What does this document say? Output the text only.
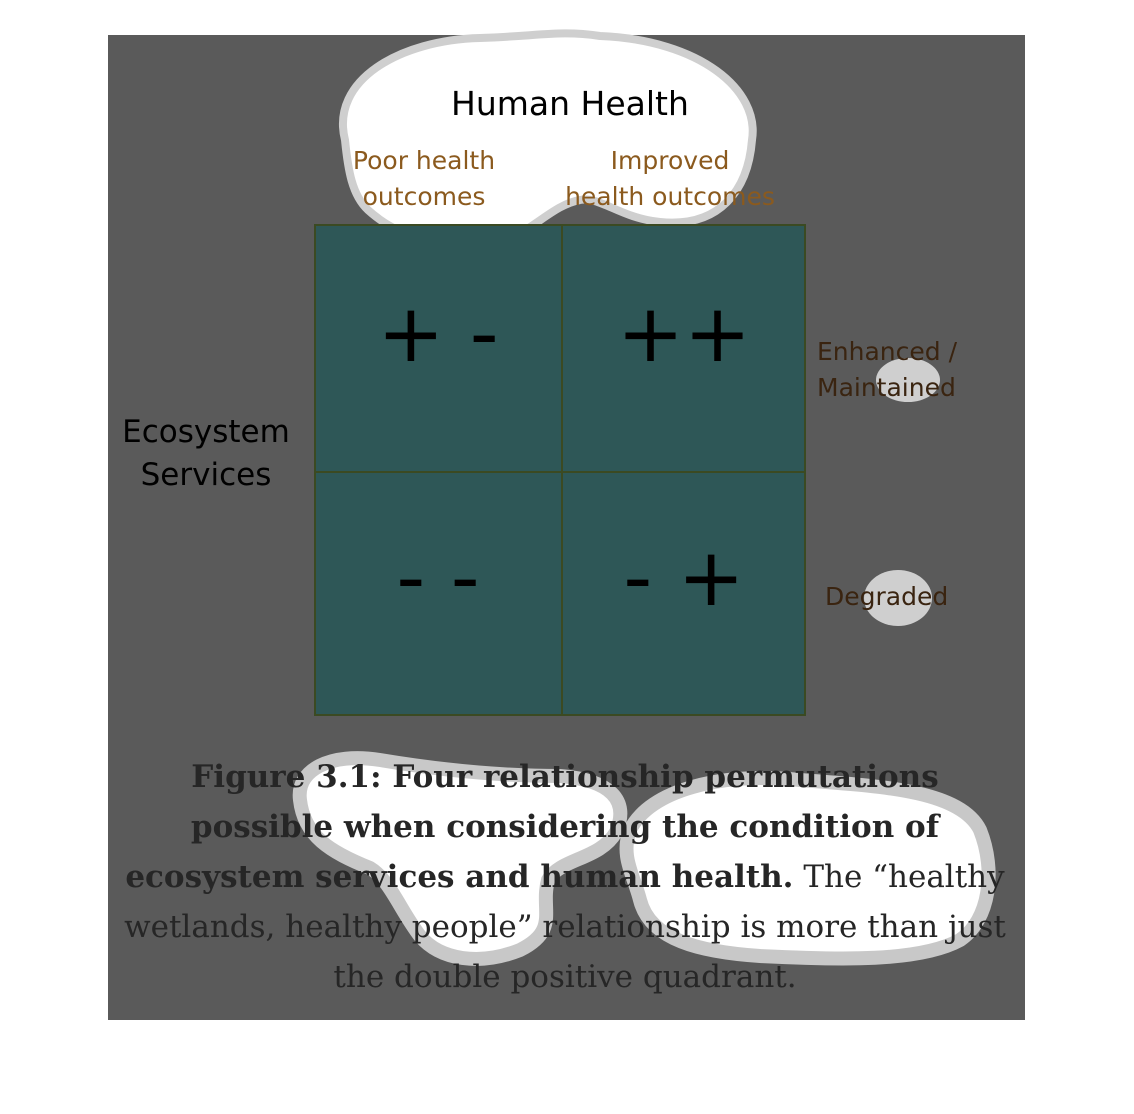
Human Health
Poor health
outcomes
Improved
health outcomes
Ecosystem
Services
Enhanced /
Maintained
Degraded
+ -	++
- -	- +
Figure 3.1: Four relationship permutations possible when considering the condition of ecosystem services and human health. The “healthy wetlands, healthy people” relationship is more than just the double positive quadrant.
